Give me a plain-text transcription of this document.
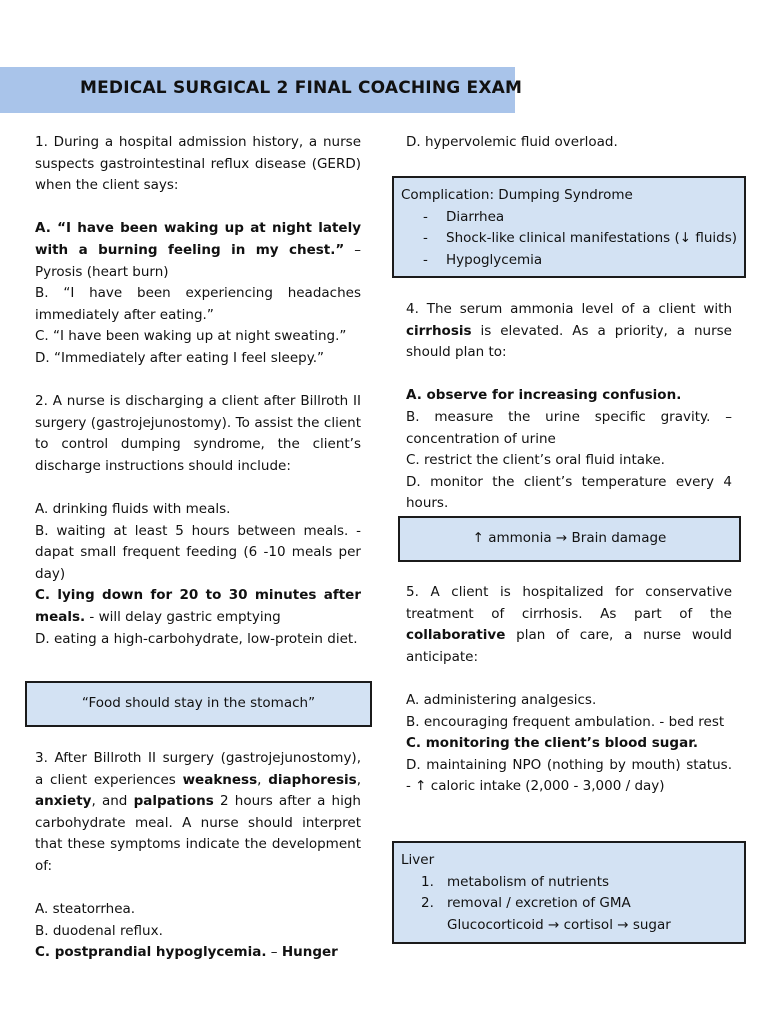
MEDICAL SURGICAL 2 FINAL COACHING EXAM

1. During a hospital admission history, a nurse suspects gastrointestinal reflux disease (GERD) when the client says:

A. “I have been waking up at night lately with a burning feeling in my chest.” – Pyrosis (heart burn)

B. “I have been experiencing headaches immediately after eating.”

C. “I have been waking up at night sweating.”

D. “Immediately after eating I feel sleepy.”

2. A nurse is discharging a client after Billroth II surgery (gastrojejunostomy). To assist the client to control dumping syndrome, the client’s discharge instructions should include:

A. drinking fluids with meals.

B. waiting at least 5 hours between meals. - dapat small frequent feeding (6 -10 meals per day)

C. lying down for 20 to 30 minutes after meals. - will delay gastric emptying

D. eating a high-carbohydrate, low-protein diet.

“Food should stay in the stomach”

3. After Billroth II surgery (gastrojejunostomy), a client experiences weakness, diaphoresis, anxiety, and palpations 2 hours after a high carbohydrate meal. A nurse should interpret that these symptoms indicate the development of:

A. steatorrhea.

B. duodenal reflux.

C. postprandial hypoglycemia. – Hunger

D. hypervolemic fluid overload.

Complication: Dumping Syndrome
- Diarrhea
- Shock-like clinical manifestations (↓ fluids)
- Hypoglycemia

4. The serum ammonia level of a client with cirrhosis is elevated. As a priority, a nurse should plan to:

A. observe for increasing confusion.

B. measure the urine specific gravity. – concentration of urine

C. restrict the client’s oral fluid intake.

D. monitor the client’s temperature every 4 hours.

↑ ammonia → Brain damage

5. A client is hospitalized for conservative treatment of cirrhosis. As part of the collaborative plan of care, a nurse would anticipate:

A. administering analgesics.

B. encouraging frequent ambulation. - bed rest

C. monitoring the client’s blood sugar.

D. maintaining NPO (nothing by mouth) status. - ↑ caloric intake (2,000 - 3,000 / day)

Liver
1. metabolism of nutrients
2. removal / excretion of GMA
Glucocorticoid → cortisol → sugar
